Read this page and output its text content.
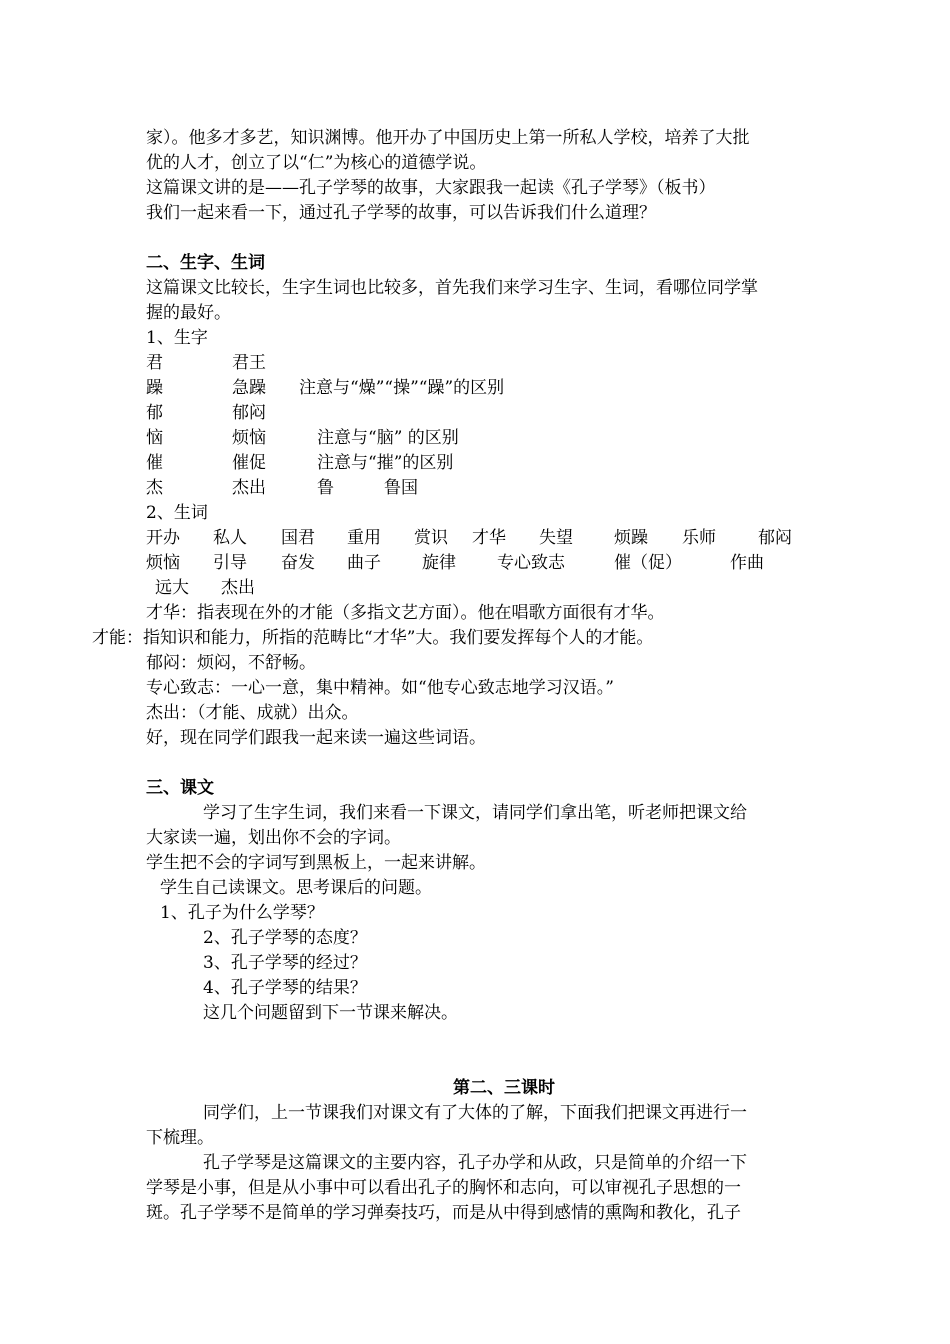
家）。他多才多艺，知识渊博。他开办了中国历史上第一所私人学校，培养了大批
优的人才，创立了以“仁”为核心的道德学说。
这篇课文讲的是——孔子学琴的故事，大家跟我一起读《孔子学琴》（板书）
我们一起来看一下，通过孔子学琴的故事，可以告诉我们什么道理？
二、生字、生词
这篇课文比较长，生字生词也比较多，首先我们来学习生字、生词，看哪位同学掌
握的最好。
1、生字
君	君王
躁	急躁 注意与“燥”“操”“躁”的区别
郁	郁闷
恼	烦恼	注意与“脑” 的区别
催	催促	注意与“摧”的区别
杰	杰出	鲁	鲁国
2、生词
开办 私人 国君 重用 赏识 才华 失望 烦躁 乐师 郁闷
烦恼 引导 奋发 曲子 旋律 专心致志	催（促）	作曲
远大 杰出
才华：指表现在外的才能（多指文艺方面）。他在唱歌方面很有才华。
才能：指知识和能力，所指的范畴比“才华”大。我们要发挥每个人的才能。
郁闷：烦闷，不舒畅。
专心致志：一心一意，集中精神。如“他专心致志地学习汉语。”
杰出：（才能、成就）出众。
好，现在同学们跟我一起来读一遍这些词语。
三、课文
学习了生字生词，我们来看一下课文，请同学们拿出笔，听老师把课文给
大家读一遍，划出你不会的字词。
学生把不会的字词写到黑板上，一起来讲解。
学生自己读课文。思考课后的问题。
1、孔子为什么学琴？
2、孔子学琴的态度？
3、孔子学琴的经过？
4、孔子学琴的结果？
这几个问题留到下一节课来解决。
第二、三课时
同学们，上一节课我们对课文有了大体的了解，下面我们把课文再进行一
下梳理。
孔子学琴是这篇课文的主要内容，孔子办学和从政，只是简单的介绍一下
学琴是小事，但是从小事中可以看出孔子的胸怀和志向，可以审视孔子思想的一
斑。孔子学琴不是简单的学习弹奏技巧，而是从中得到感情的熏陶和教化，孔子
